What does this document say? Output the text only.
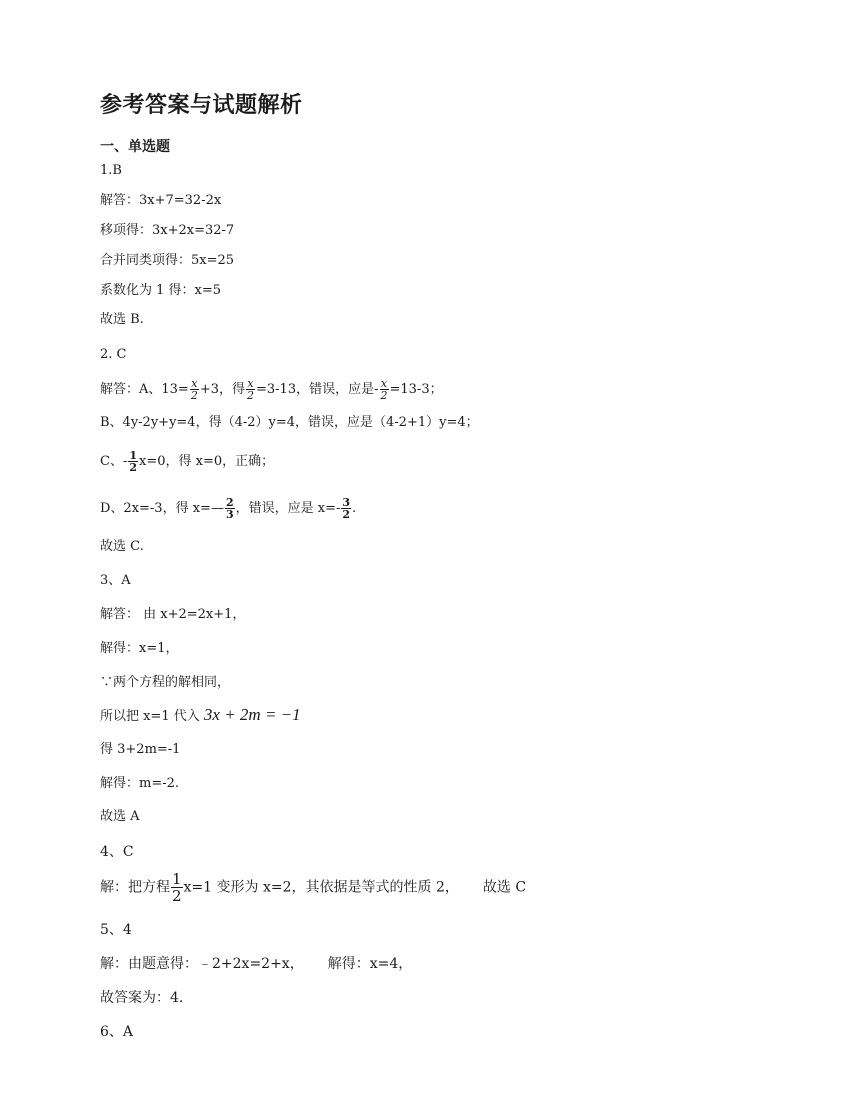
参考答案与试题解析
一、单选题
1.B
解答：3x+7=32-2x
移项得：3x+2x=32-7
合并同类项得：5x=25
系数化为 1 得：x=5
故选 B.
2. C
解答：A、$13= \frac{x}{2} +3$，得 $\frac{x}{2} =3-13$，错误，应是- $\frac{x}{2} =13-3$；
B、4y-2y+y=4，得（4-2）y=4，错误，应是（4-2+1）y=4；
C、- $\frac{1}{2} x=0$，得 x=0，正确；
D、2x=-3，得 x=— $\frac{2}{3}$ ，错误，应是 $x=- \frac{3}{2}$ .
故选 C.
3、A
解答： 由 x+2=2x+1，
解得：x=1，
∵两个方程的解相同，
所以把 x=1 代入 3x + 2m = −1
得 3+2m=-1
解得：m=-2.
故选 A
4、C
解：把方程 $\frac{1}{2} x=1$ 变形为 x=2，其依据是等式的性质 2， 故选 C
5、4
解：由题意得：﹣2+2x=2+x， 解得：x=4，
故答案为：4.
6、A
